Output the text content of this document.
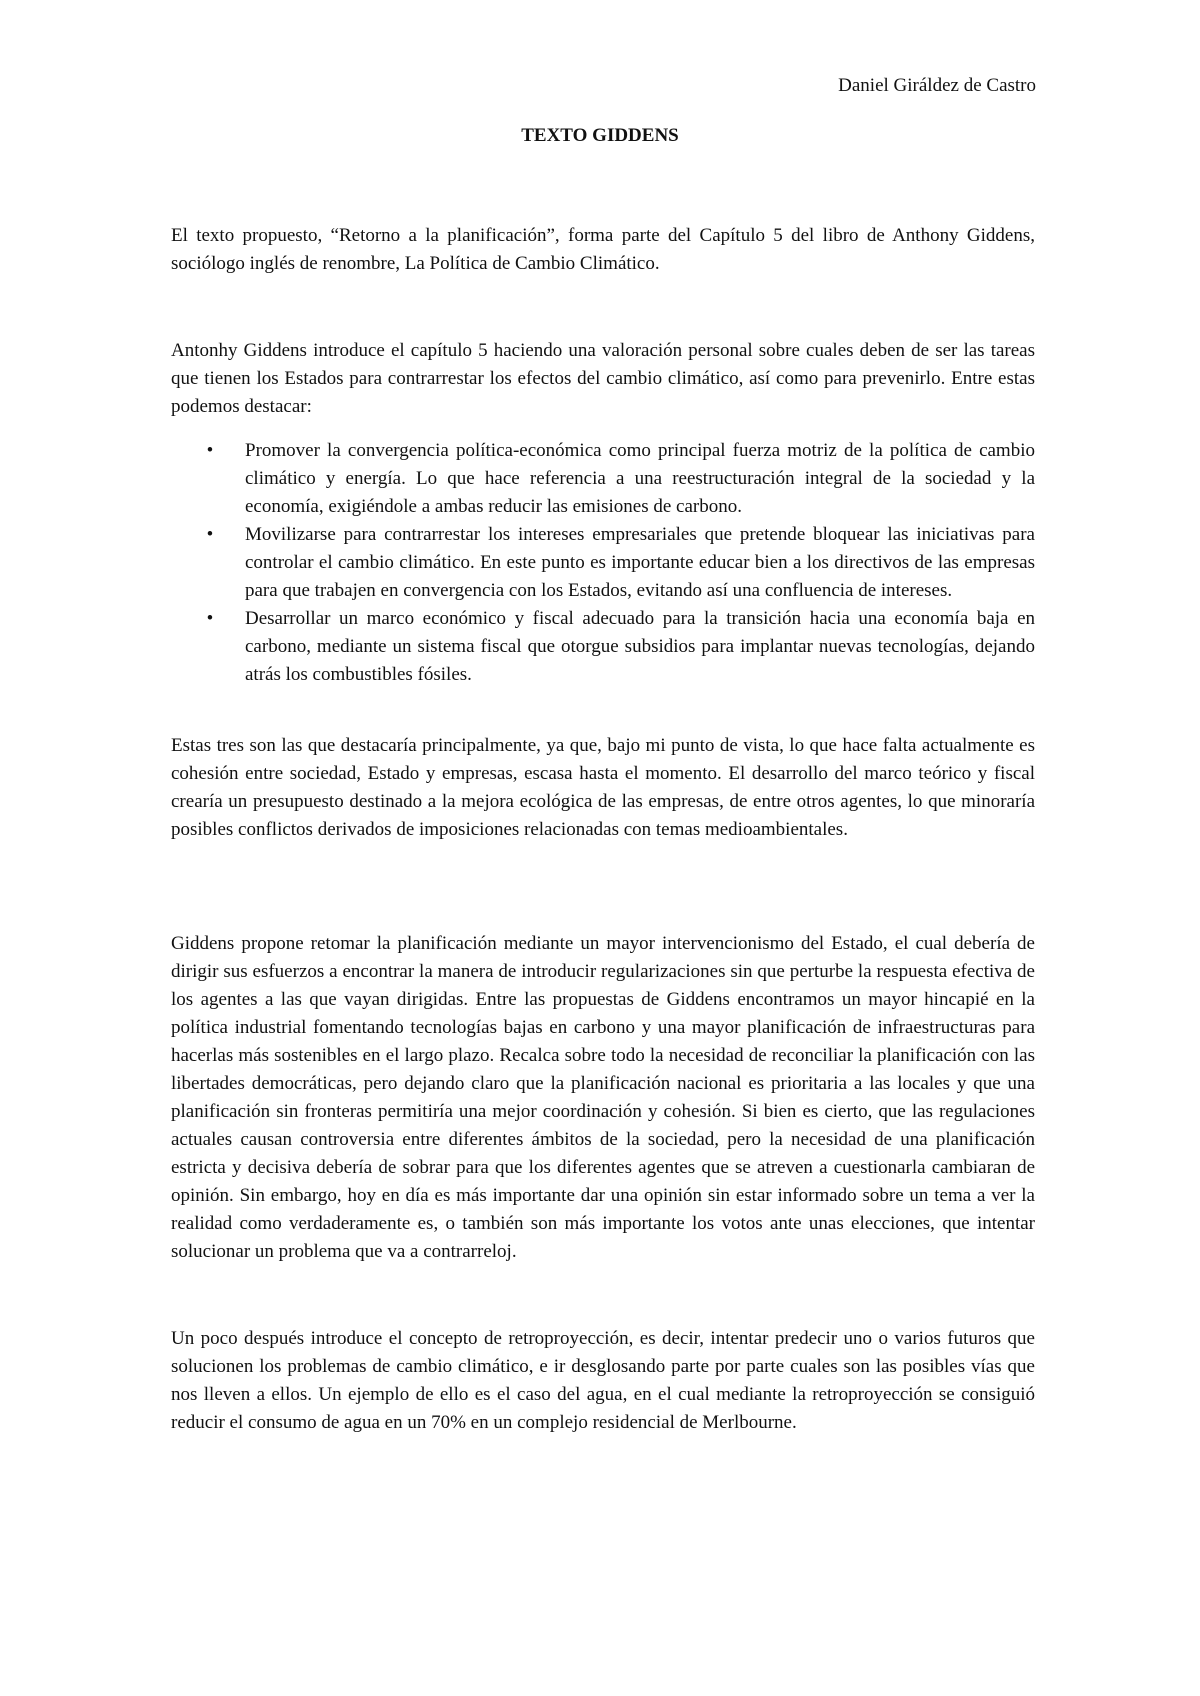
Daniel Giráldez de Castro
TEXTO GIDDENS

El texto propuesto, “Retorno a la planificación”, forma parte del Capítulo 5 del libro de Anthony Giddens, sociólogo inglés de renombre, La Política de Cambio Climático.

Antonhy Giddens introduce el capítulo 5 haciendo una valoración personal sobre cuales deben de ser las tareas que tienen los Estados para contrarrestar los efectos del cambio climático, así como para prevenirlo. Entre estas podemos destacar:

• Promover la convergencia política-económica como principal fuerza motriz de la política de cambio climático y energía. Lo que hace referencia a una reestructuración integral de la sociedad y la economía, exigiéndole a ambas reducir las emisiones de carbono.
• Movilizarse para contrarrestar los intereses empresariales que pretende bloquear las iniciativas para controlar el cambio climático. En este punto es importante educar bien a los directivos de las empresas para que trabajen en convergencia con los Estados, evitando así una confluencia de intereses.
• Desarrollar un marco económico y fiscal adecuado para la transición hacia una economía baja en carbono, mediante un sistema fiscal que otorgue subsidios para implantar nuevas tecnologías, dejando atrás los combustibles fósiles.

Estas tres son las que destacaría principalmente, ya que, bajo mi punto de vista, lo que hace falta actualmente es cohesión entre sociedad, Estado y empresas, escasa hasta el momento. El desarrollo del marco teórico y fiscal crearía un presupuesto destinado a la mejora ecológica de las empresas, de entre otros agentes, lo que minoraría posibles conflictos derivados de imposiciones relacionadas con temas medioambientales.

Giddens propone retomar la planificación mediante un mayor intervencionismo del Estado, el cual debería de dirigir sus esfuerzos a encontrar la manera de introducir regularizaciones sin que perturbe la respuesta efectiva de los agentes a las que vayan dirigidas. Entre las propuestas de Giddens encontramos un mayor hincapié en la política industrial fomentando tecnologías bajas en carbono y una mayor planificación de infraestructuras para hacerlas más sostenibles en el largo plazo. Recalca sobre todo la necesidad de reconciliar la planificación con las libertades democráticas, pero dejando claro que la planificación nacional es prioritaria a las locales y que una planificación sin fronteras permitiría una mejor coordinación y cohesión. Si bien es cierto, que las regulaciones actuales causan controversia entre diferentes ámbitos de la sociedad, pero la necesidad de una planificación estricta y decisiva debería de sobrar para que los diferentes agentes que se atreven a cuestionarla cambiaran de opinión. Sin embargo, hoy en día es más importante dar una opinión sin estar informado sobre un tema a ver la realidad como verdaderamente es, o también son más importante los votos ante unas elecciones, que intentar solucionar un problema que va a contrarreloj.

Un poco después introduce el concepto de retroproyección, es decir, intentar predecir uno o varios futuros que solucionen los problemas de cambio climático, e ir desglosando parte por parte cuales son las posibles vías que nos lleven a ellos. Un ejemplo de ello es el caso del agua, en el cual mediante la retroproyección se consiguió reducir el consumo de agua en un 70% en un complejo residencial de Merlbourne.
